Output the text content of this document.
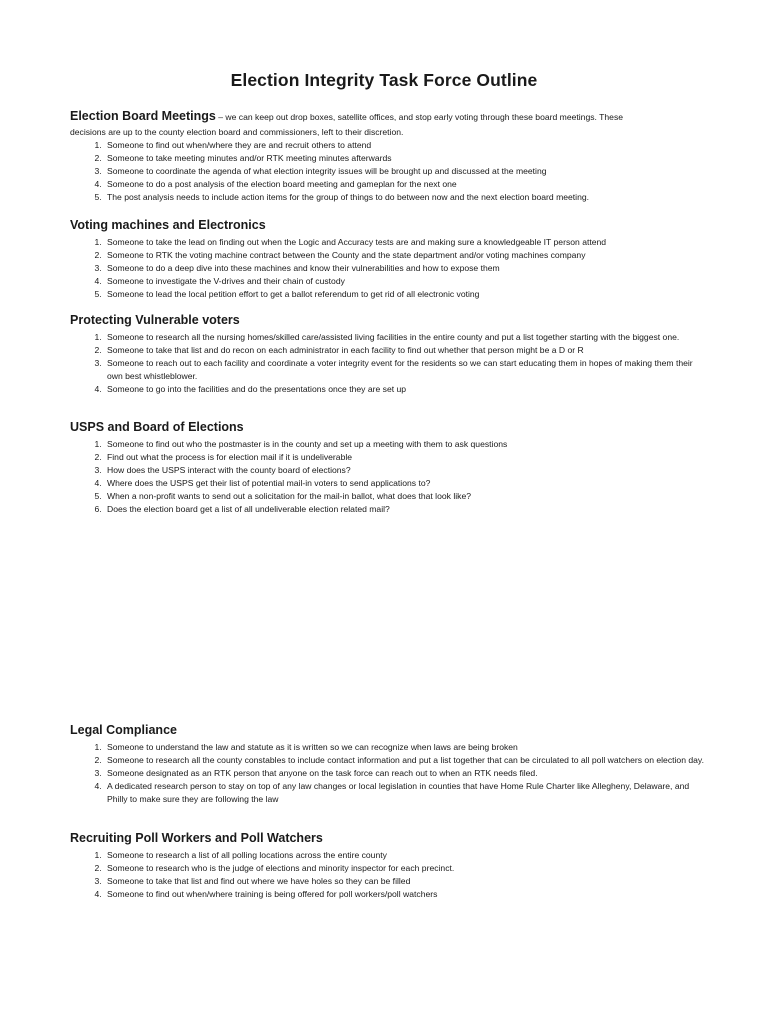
Election Integrity Task Force Outline
Election Board Meetings – we can keep out drop boxes, satellite offices, and stop early voting through these board meetings. These
decisions are up to the county election board and commissioners, left to their discretion.
1. Someone to find out when/where they are and recruit others to attend
2. Someone to take meeting minutes and/or RTK meeting minutes afterwards
3. Someone to coordinate the agenda of what election integrity issues will be brought up and discussed at the meeting
4. Someone to do a post analysis of the election board meeting and gameplan for the next one
5. The post analysis needs to include action items for the group of things to do between now and the next election board meeting.
Voting machines and Electronics
1. Someone to take the lead on finding out when the Logic and Accuracy tests are and making sure a knowledgeable IT person attend
2. Someone to RTK the voting machine contract between the County and the state department and/or voting machines company
3. Someone to do a deep dive into these machines and know their vulnerabilities and how to expose them
4. Someone to investigate the V-drives and their chain of custody
5. Someone to lead the local petition effort to get a ballot referendum to get rid of all electronic voting
Protecting Vulnerable voters
1. Someone to research all the nursing homes/skilled care/assisted living facilities in the entire county and put a list together starting with the biggest one.
2. Someone to take that list and do recon on each administrator in each facility to find out whether that person might be a D or R
3. Someone to reach out to each facility and coordinate a voter integrity event for the residents so we can start educating them in hopes of making them their own best whistleblower.
4. Someone to go into the facilities and do the presentations once they are set up
USPS and Board of Elections
1. Someone to find out who the postmaster is in the county and set up a meeting with them to ask questions
2. Find out what the process is for election mail if it is undeliverable
3. How does the USPS interact with the county board of elections?
4. Where does the USPS get their list of potential mail-in voters to send applications to?
5. When a non-profit wants to send out a solicitation for the mail-in ballot, what does that look like?
6. Does the election board get a list of all undeliverable election related mail?
Legal Compliance
1. Someone to understand the law and statute as it is written so we can recognize when laws are being broken
2. Someone to research all the county constables to include contact information and put a list together that can be circulated to all poll watchers on election day.
3. Someone designated as an RTK person that anyone on the task force can reach out to when an RTK needs filed.
4. A dedicated research person to stay on top of any law changes or local legislation in counties that have Home Rule Charter like Allegheny, Delaware, and Philly to make sure they are following the law
Recruiting Poll Workers and Poll Watchers
1. Someone to research a list of all polling locations across the entire county
2. Someone to research who is the judge of elections and minority inspector for each precinct.
3. Someone to take that list and find out where we have holes so they can be filled
4. Someone to find out when/where training is being offered for poll workers/poll watchers
